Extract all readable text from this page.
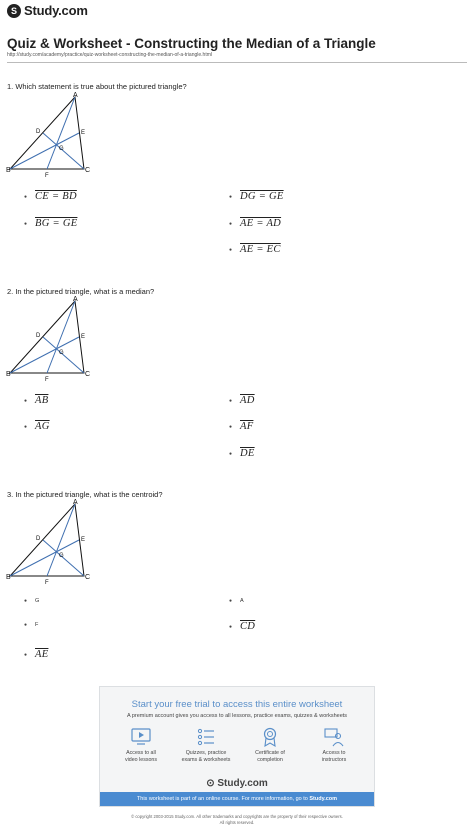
S Study.com
Quiz & Worksheet - Constructing the Median of a Triangle
http://study.com/academy/practice/quiz-worksheet-constructing-the-median-of-a-triangle.html
1. Which statement is true about the pictured triangle?
A
B	C
D	E
F
G
● CE = BD	● DG = GE
● BG = GE	● AE = AD
● AE = EC
2. In the pictured triangle, what is a median?
A
B	C
D	E
F
G
● $\overline{AB}$	● $\overline{AD}$
● $\overline{AG}$	● $\overline{AF}$
● $\overline{DE}$
3. In the pictured triangle, what is the centroid?
A
B	C
D	E
F
G
● G	● A
● F	● $\overline{CD}$
● $\overline{AE}$
Start your free trial to access this entire worksheet
A premium account gives you access to all lessons, practice exams, quizzes & worksheets
Access to all
video lessons
Quizzes, practice
exams & worksheets
Certificate of
completion
Access to
instructors
⊙ Study.com
This worksheet is part of an online course. For more information, go to Study.com
© copyright 2003-2015 Study.com. All other trademarks and copyrights are the property of their respective owners.
All rights reserved.
